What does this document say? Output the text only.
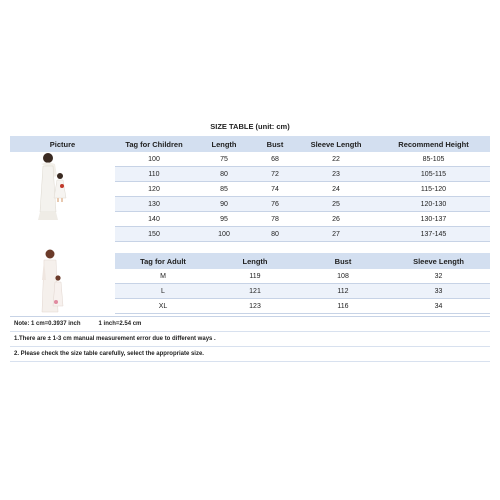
SIZE TABLE (unit: cm)
Picture	Tag for Children	Length	Bust	Sleeve Length	Recommend Height
100	75	68	22	85-105
110	80	72	23	105-115
120	85	74	24	115-120
130	90	76	25	120-130
140	95	78	26	130-137
150	100	80	27	137-145
Tag for Adult	Length	Bust	Sleeve Length
M	119	108	32
L	121	112	33
XL	123	116	34
Note: 1 cm=0.3937 inch	1 inch=2.54 cm
1.There are ± 1-3 cm manual measurement error due to different ways .
2. Please check the size table carefully, select the appropriate size.
